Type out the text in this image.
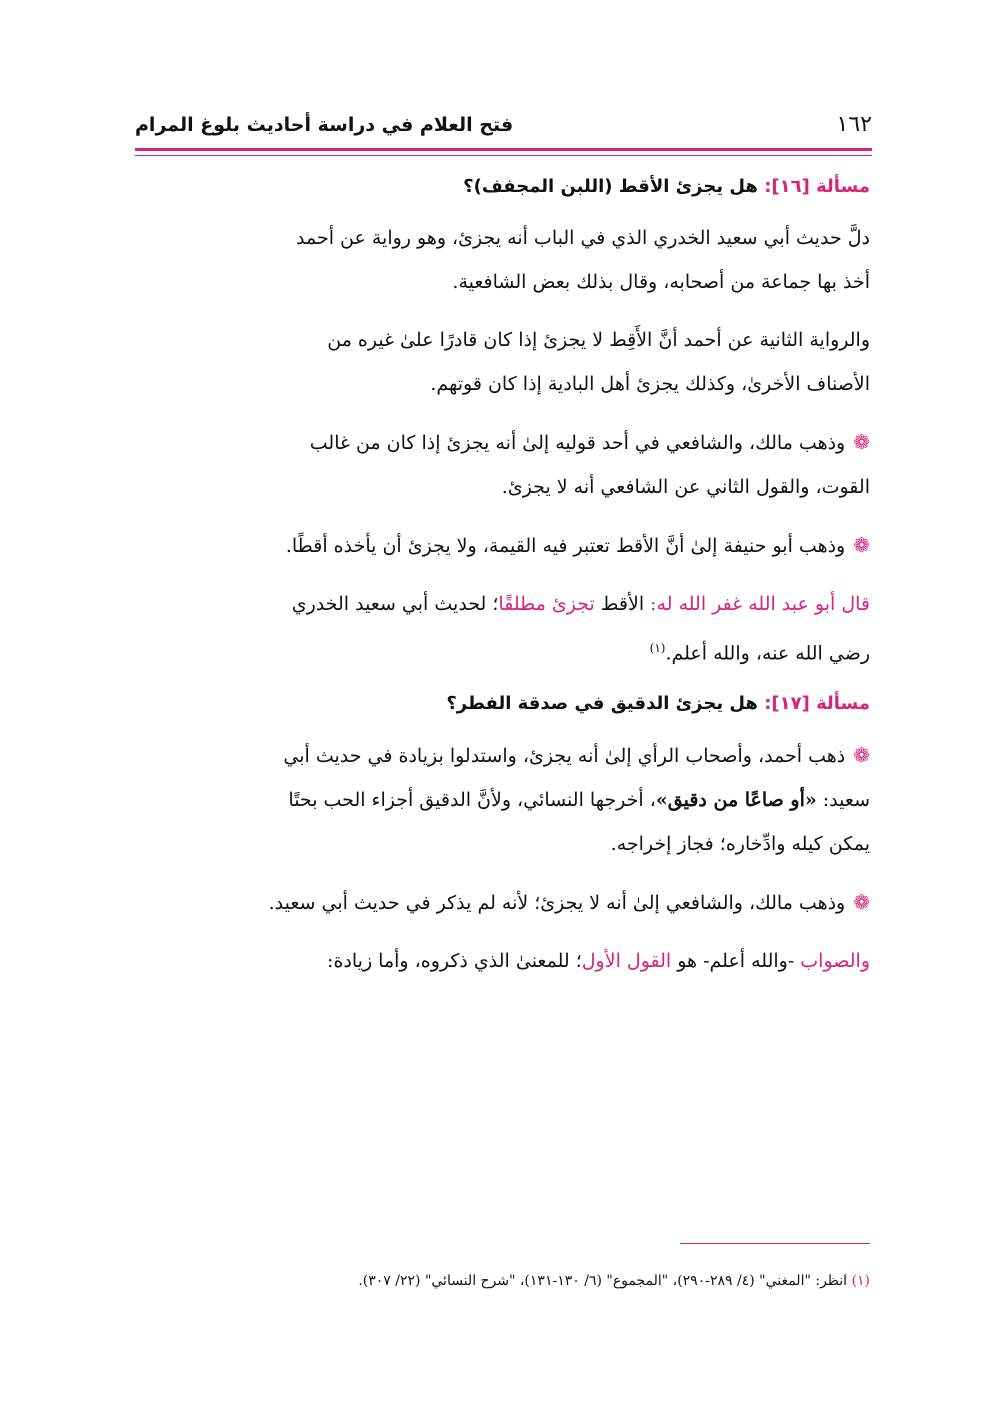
١٦٢
فتح العلام في دراسة أحاديث بلوغ المرام
مسألة [١٦]: هل يجزئ الأقط (اللبن المجفف)؟

دلَّ حديث أبي سعيد الخدري الذي في الباب أنه يجزئ، وهو رواية عن أحمد

أخذ بها جماعة من أصحابه، وقال بذلك بعض الشافعية.

والرواية الثانية عن أحمد أنَّ الأَقِط لا يجزئ إذا كان قادرًا علىٰ غيره من

الأصناف الأخرىٰ، وكذلك يجزئ أهل البادية إذا كان قوتهم.

❁وذهب مالك، والشافعي في أحد قوليه إلىٰ أنه يجزئ إذا كان من غالب

القوت، والقول الثاني عن الشافعي أنه لا يجزئ.

❁وذهب أبو حنيفة إلىٰ أنَّ الأقط تعتبر فيه القيمة، ولا يجزئ أن يأخذه أقطًا.

قال أبو عبد الله غفر الله له: الأقط تجزئ مطلقًا؛ لحديث أبي سعيد الخدري

رضي الله عنه، والله أعلم.$^{(١)}$

مسألة [١٧]: هل يجزئ الدقيق في صدقة الفطر؟

❁ذهب أحمد، وأصحاب الرأي إلىٰ أنه يجزئ، واستدلوا بزيادة في حديث أبي

سعيد: «أو صاعًا من دقيق»، أخرجها النسائي، ولأنَّ الدقيق أجزاء الحب بحتًا

يمكن كيله وادِّخاره؛ فجاز إخراجه.

❁وذهب مالك، والشافعي إلىٰ أنه لا يجزئ؛ لأنه لم يذكر في حديث أبي سعيد.

والصواب -والله أعلم- هو القول الأول؛ للمعنىٰ الذي ذكروه، وأما زيادة:

(١) انظر: "المغني" (٤/ ٢٨٩-٢٩٠)، "المجموع" (٦/ ١٣٠-١٣١)، "شرح النسائي" (٢٢/ ٣٠٧).
